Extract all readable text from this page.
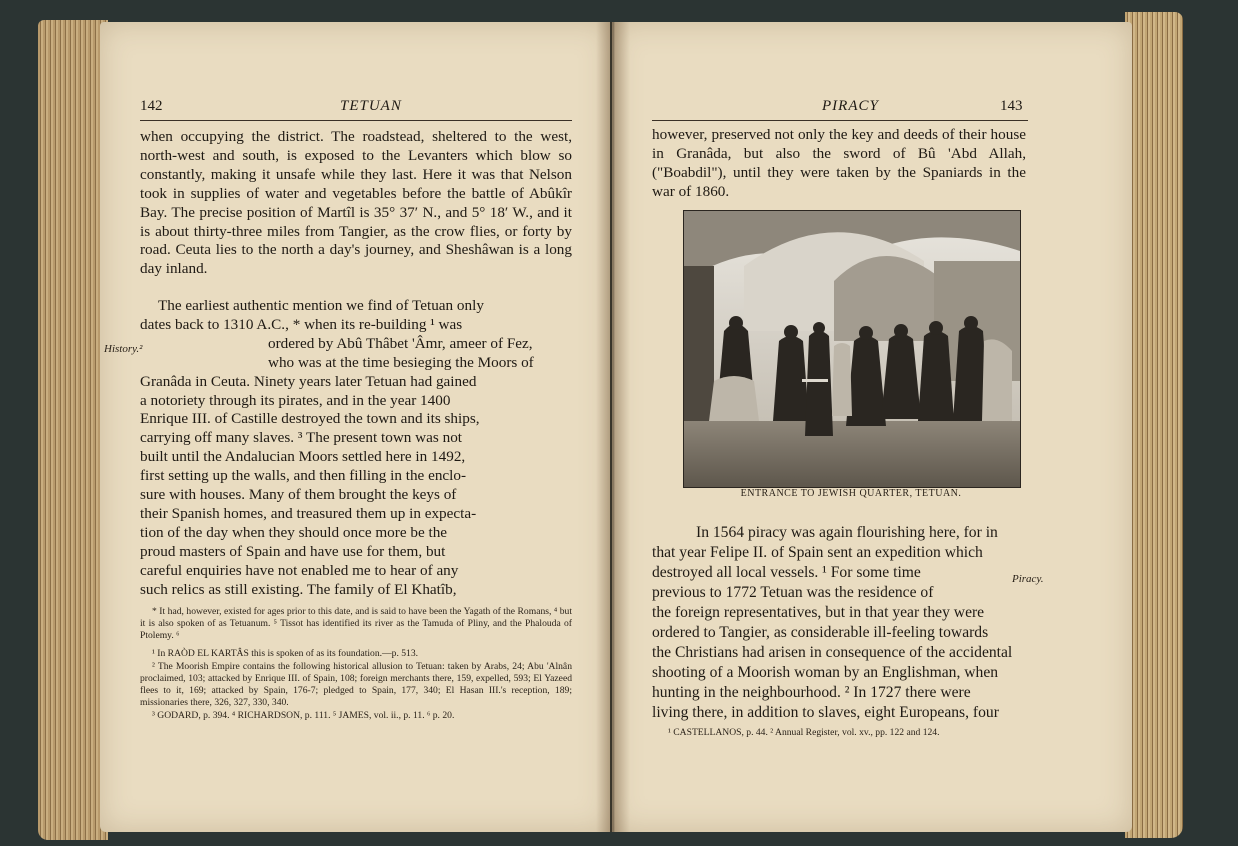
142	TETUAN

when occupying the district. The roadstead, sheltered to the west, north-west and south, is exposed to the Levanters which blow so constantly, making it unsafe while they last. Here it was that Nelson took in supplies of water and vegetables before the battle of Abûkîr Bay. The precise position of Martîl is 35° 37′ N., and 5° 18′ W., and it is about thirty-three miles from Tangier, as the crow flies, or forty by road. Ceuta lies to the north a day's journey, and Sheshâwan is a long day inland.

History.²
The earliest authentic mention we find of Tetuan only
dates back to 1310 A.C., * when its re-building ¹ was
ordered by Abû Thâbet 'Âmr, ameer of Fez,
who was at the time besieging the Moors of
Granâda in Ceuta. Ninety years later Tetuan had gained
a notoriety through its pirates, and in the year 1400
Enrique III. of Castille destroyed the town and its ships,
carrying off many slaves. ³ The present town was not
built until the Andalucian Moors settled here in 1492,
first setting up the walls, and then filling in the enclo-
sure with houses. Many of them brought the keys of
their Spanish homes, and treasured them up in expecta-
tion of the day when they should once more be the
proud masters of Spain and have use for them, but
careful enquiries have not enabled me to hear of any
such relics as still existing. The family of El Khatîb,

* It had, however, existed for ages prior to this date, and is said to have been the Yagath of the Romans, ⁴ but it is also spoken of as Tetuanum. ⁵ Tissot has identified its river as the Tamuda of Pliny, and the Phalouda of Ptolemy. ⁶

¹ In RAÒD EL KARTÂS this is spoken of as its foundation.—p. 513.

² The Moorish Empire contains the following historical allusion to Tetuan: taken by Arabs, 24; Abu 'Alnân proclaimed, 103; attacked by Enrique III. of Spain, 108; foreign merchants there, 159, expelled, 593; El Yazeed flees to it, 169; attacked by Spain, 176-7; pledged to Spain, 177, 340; El Hasan III.'s reception, 189; missionaries there, 326, 327, 330, 340.

³ GODARD, p. 394. ⁴ RICHARDSON, p. 111. ⁵ JAMES, vol. ii., p. 11. ⁶ p. 20.

PIRACY	143

however, preserved not only the key and deeds of their house in Granâda, but also the sword of Bû 'Abd Allah, ("Boabdil"), until they were taken by the Spaniards in the war of 1860.

ENTRANCE TO JEWISH QUARTER, TETUAN.
Piracy.
In 1564 piracy was again flourishing here, for in
that year Felipe II. of Spain sent an expedition which
destroyed all local vessels. ¹ For some time
previous to 1772 Tetuan was the residence of
the foreign representatives, but in that year they were
ordered to Tangier, as considerable ill-feeling towards
the Christians had arisen in consequence of the accidental
shooting of a Moorish woman by an Englishman, when
hunting in the neighbourhood. ² In 1727 there were
living there, in addition to slaves, eight Europeans, four

¹ CASTELLANOS, p. 44. ² Annual Register, vol. xv., pp. 122 and 124.
